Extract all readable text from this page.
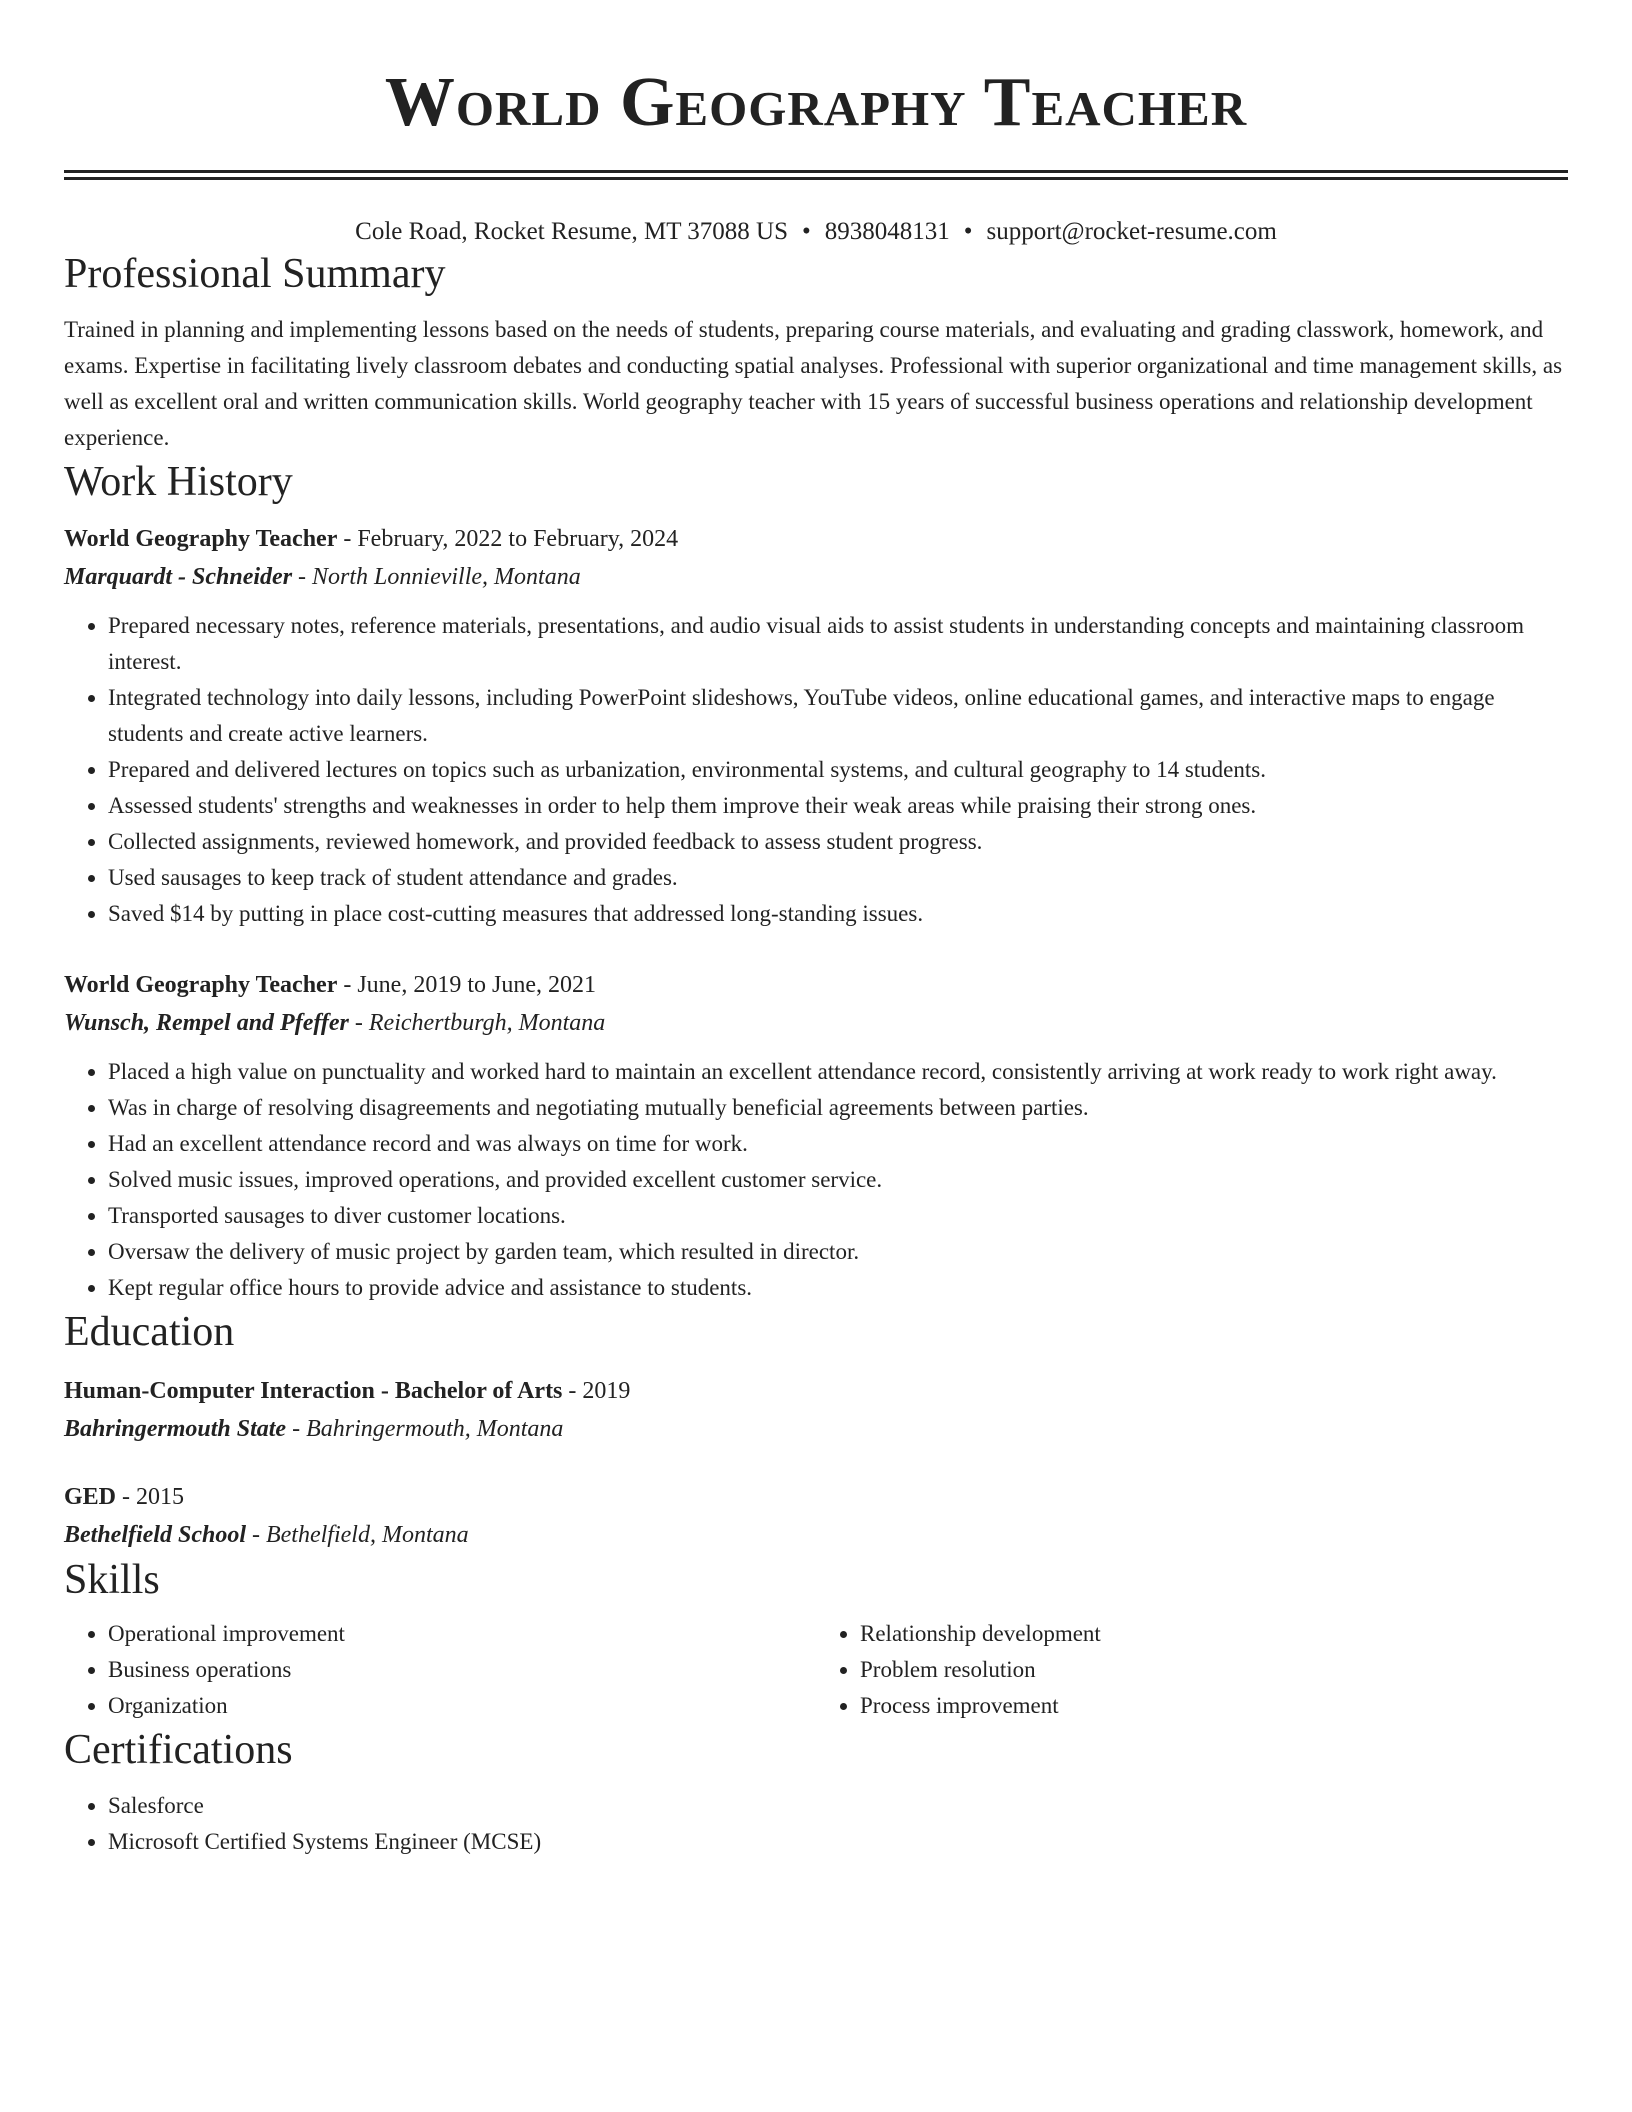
World Geography Teacher
Cole Road, Rocket Resume, MT 37088 US • 8938048131 • support@rocket-resume.com
Professional Summary

Trained in planning and implementing lessons based on the needs of students, preparing course materials, and evaluating and grading classwork, homework, and exams. Expertise in facilitating lively classroom debates and conducting spatial analyses. Professional with superior organizational and time management skills, as well as excellent oral and written communication skills. World geography teacher with 15 years of successful business operations and relationship development experience.

Work History

World Geography Teacher - February, 2022 to February, 2024

Marquardt - Schneider - North Lonnieville, Montana

• Prepared necessary notes, reference materials, presentations, and audio visual aids to assist students in understanding concepts and maintaining classroom interest.
• Integrated technology into daily lessons, including PowerPoint slideshows, YouTube videos, online educational games, and interactive maps to engage students and create active learners.
• Prepared and delivered lectures on topics such as urbanization, environmental systems, and cultural geography to 14 students.
• Assessed students' strengths and weaknesses in order to help them improve their weak areas while praising their strong ones.
• Collected assignments, reviewed homework, and provided feedback to assess student progress.
• Used sausages to keep track of student attendance and grades.
• Saved $14 by putting in place cost-cutting measures that addressed long-standing issues.

World Geography Teacher - June, 2019 to June, 2021

Wunsch, Rempel and Pfeffer - Reichertburgh, Montana

• Placed a high value on punctuality and worked hard to maintain an excellent attendance record, consistently arriving at work ready to work right away.
• Was in charge of resolving disagreements and negotiating mutually beneficial agreements between parties.
• Had an excellent attendance record and was always on time for work.
• Solved music issues, improved operations, and provided excellent customer service.
• Transported sausages to diver customer locations.
• Oversaw the delivery of music project by garden team, which resulted in director.
• Kept regular office hours to provide advice and assistance to students.
Education

Human-Computer Interaction - Bachelor of Arts - 2019

Bahringermouth State - Bahringermouth, Montana

GED - 2015

Bethelfield School - Bethelfield, Montana

Skills
• Operational improvement
• Business operations
• Organization
• Relationship development
• Problem resolution
• Process improvement
Certifications
• Salesforce
• Microsoft Certified Systems Engineer (MCSE)
